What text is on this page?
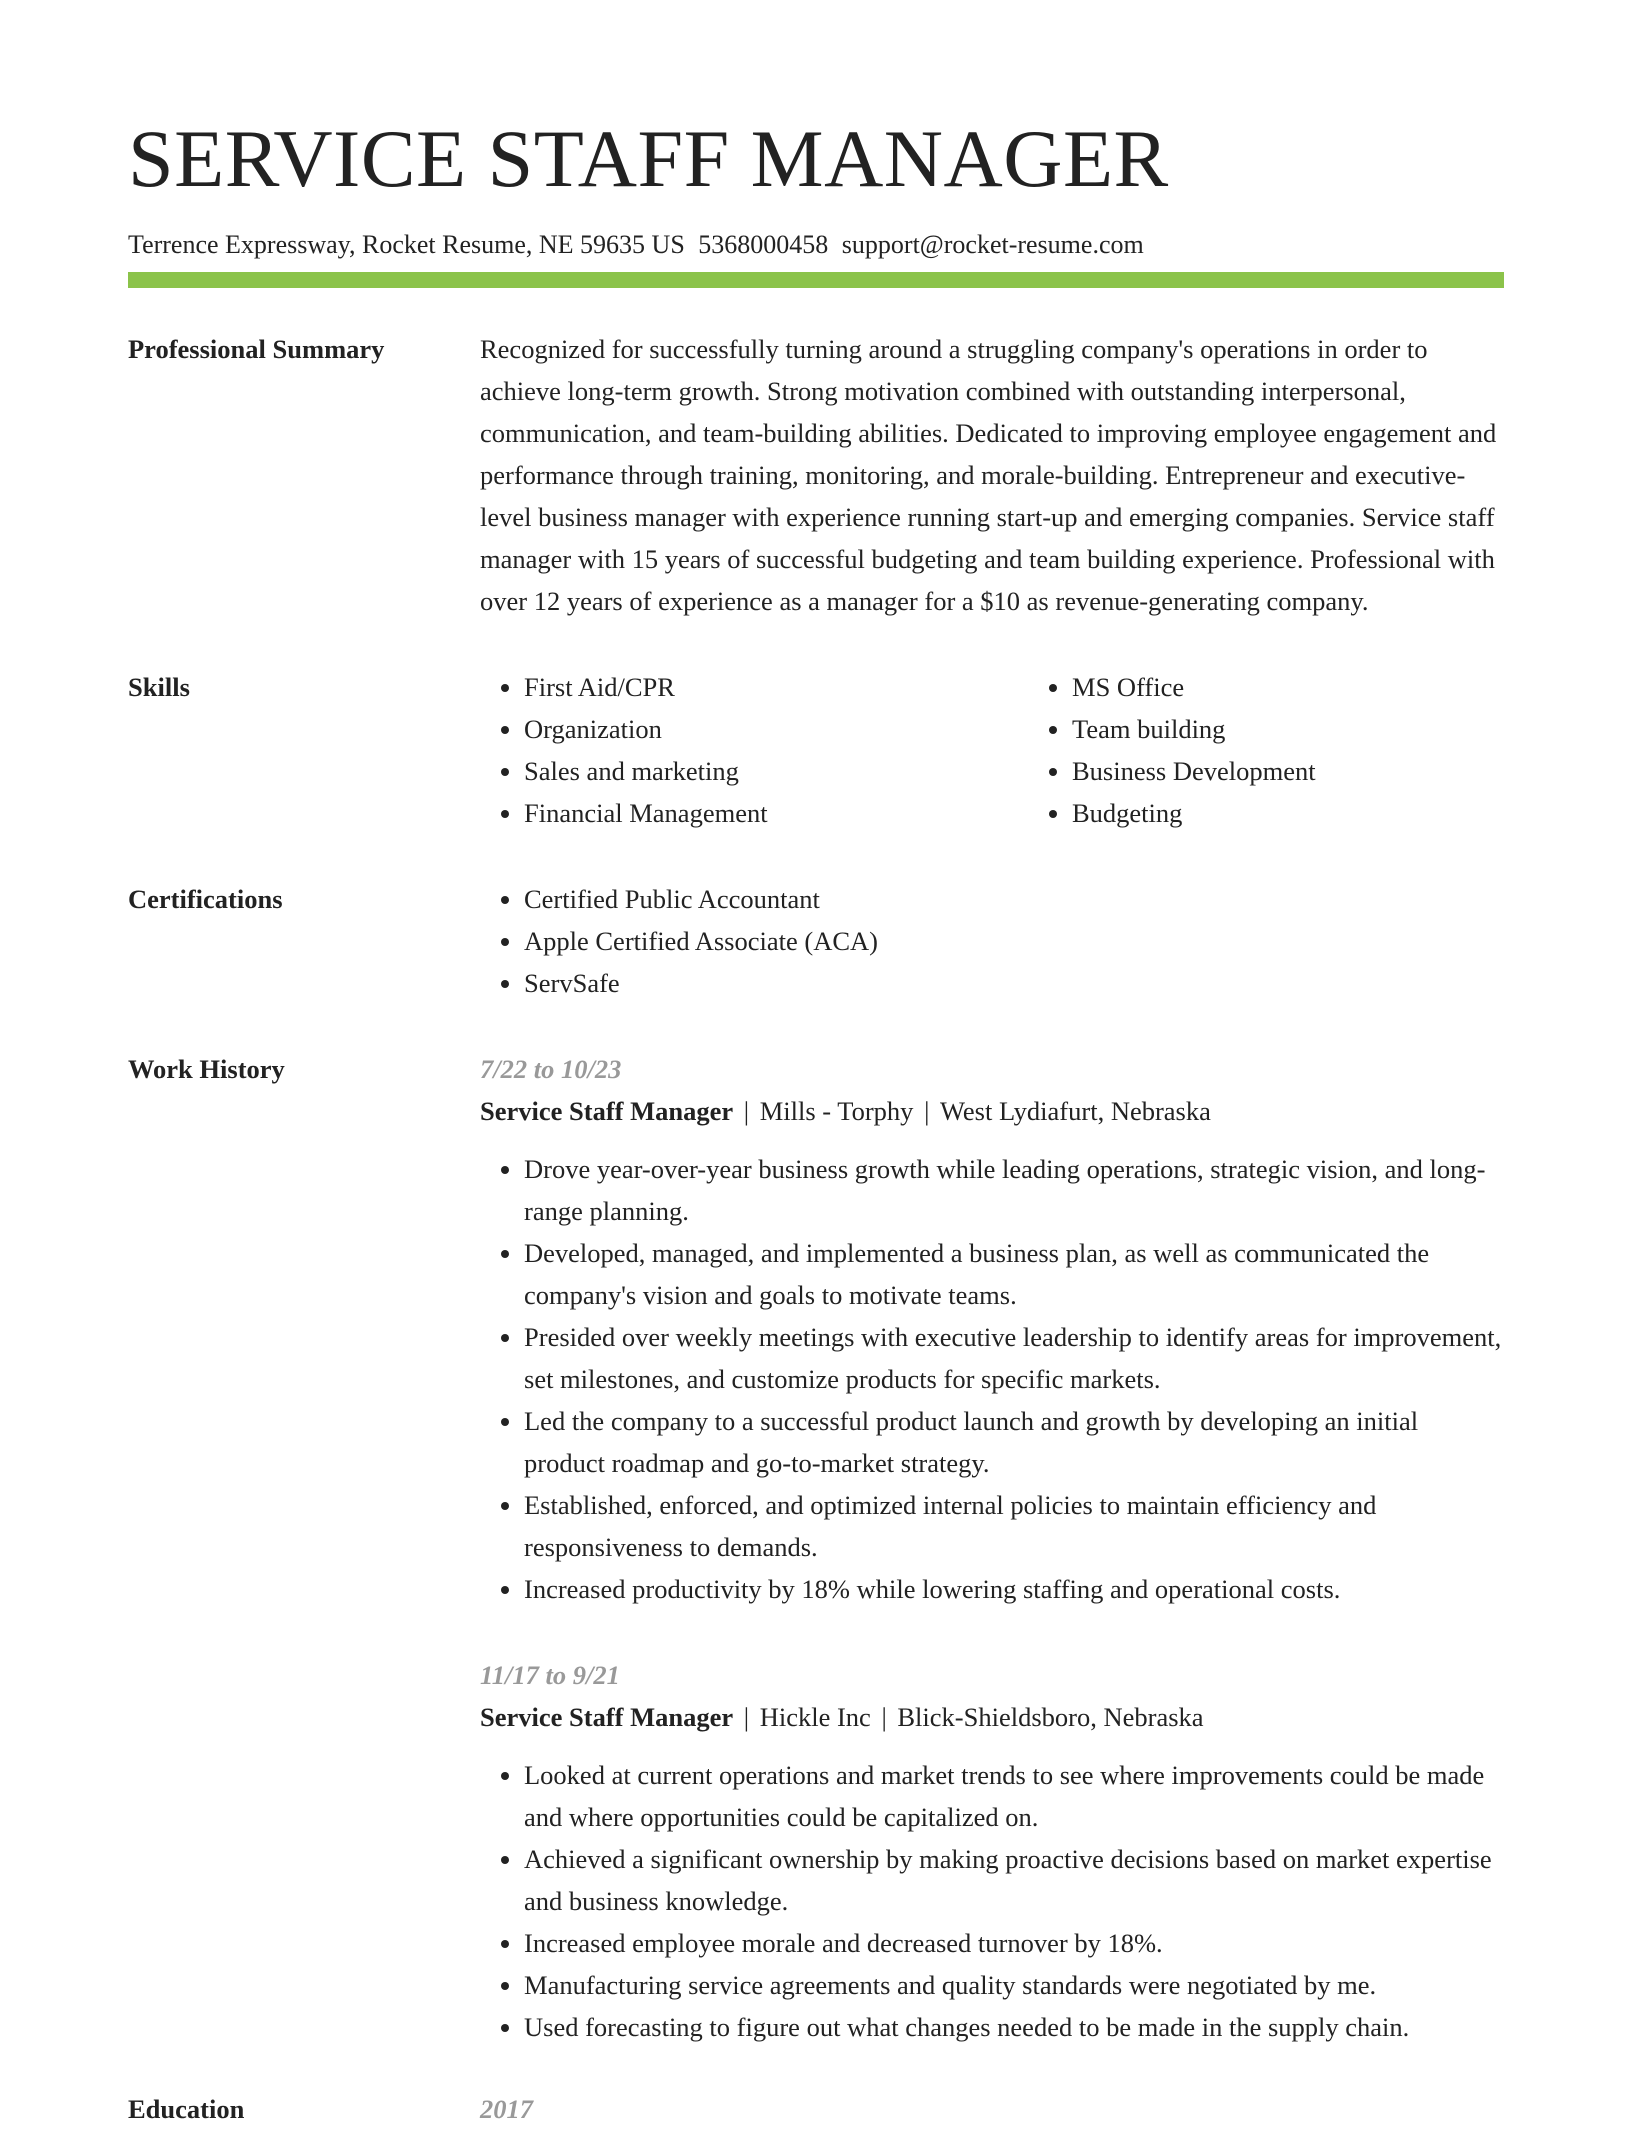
SERVICE STAFF MANAGER
Terrence Expressway, Rocket Resume, NE 59635 US 5368000458 support@rocket-resume.com
Professional Summary	Recognized for successfully turning around a struggling company's operations in order to achieve long-term growth. Strong motivation combined with outstanding interpersonal, communication, and team-building abilities. Dedicated to improving employee engagement and performance through training, monitoring, and morale-building. Entrepreneur and executive-level business manager with experience running start-up and emerging companies. Service staff manager with 15 years of successful budgeting and team building experience. Professional with over 12 years of experience as a manager for a $10 as revenue-generating company.

Skills	• First Aid/CPR
• Organization
• Sales and marketing
• Financial Management
• MS Office
• Team building
• Business Development
• Budgeting
Certifications	• Certified Public Accountant
• Apple Certified Associate (ACA)
• ServSafe
Work History	7/22 to 10/23
Service Staff Manager | Mills - Torphy | West Lydiafurt, Nebraska
• Drove year-over-year business growth while leading operations, strategic vision, and long-range planning.
• Developed, managed, and implemented a business plan, as well as communicated the company's vision and goals to motivate teams.
• Presided over weekly meetings with executive leadership to identify areas for improvement, set milestones, and customize products for specific markets.
• Led the company to a successful product launch and growth by developing an initial product roadmap and go-to-market strategy.
• Established, enforced, and optimized internal policies to maintain efficiency and responsiveness to demands.
• Increased productivity by 18% while lowering staffing and operational costs.
11/17 to 9/21
Service Staff Manager | Hickle Inc | Blick-Shieldsboro, Nebraska
• Looked at current operations and market trends to see where improvements could be made and where opportunities could be capitalized on.
• Achieved a significant ownership by making proactive decisions based on market expertise and business knowledge.
• Increased employee morale and decreased turnover by 18%.
• Manufacturing service agreements and quality standards were negotiated by me.
• Used forecasting to figure out what changes needed to be made in the supply chain.
Education	2017
